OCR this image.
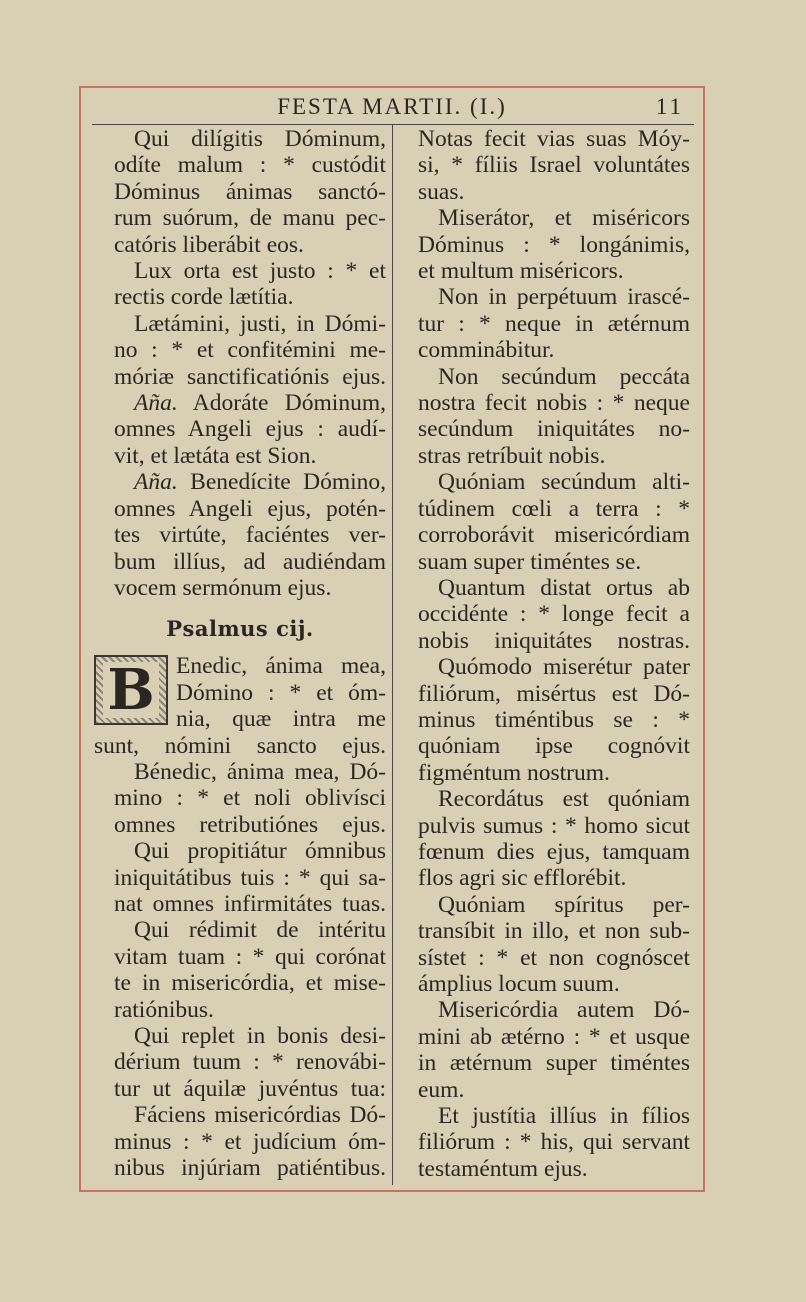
FESTA MARTII. (I.)	11
Qui dilígitis Dóminum,
odíte malum : * custódit
Dóminus ánimas sanctó-
rum suórum, de manu pec-
catóris liberábit eos.
Lux orta est justo : * et
rectis corde lætítia.
Lætámini, justi, in Dómi-
no : * et confitémini me-
móriæ sanctificatiónis ejus.
Aña. Adoráte Dóminum,
omnes Angeli ejus : audí-
vit, et lætáta est Sion.
Aña. Benedícite Dómino,
omnes Angeli ejus, potén-
tes virtúte, faciéntes ver-
bum illíus, ad audiéndam
vocem sermónum ejus.
Psalmus cij.
B Enedic, ánima mea,
Dómino : * et óm-
nia, quæ intra me
sunt, nómini sancto ejus.
Bénedic, ánima mea, Dó-
mino : * et noli oblivísci
omnes retributiónes ejus.
Qui propitiátur ómnibus
iniquitátibus tuis : * qui sa-
nat omnes infirmitátes tuas.
Qui rédimit de intéritu
vitam tuam : * qui corónat
te in misericórdia, et mise-
ratiónibus.
Qui replet in bonis desi-
dérium tuum : * renovábi-
tur ut áquilæ juvéntus tua:
Fáciens misericórdias Dó-
minus : * et judícium óm-
nibus injúriam patiéntibus.
Notas fecit vias suas Móy-
si, * fíliis Israel voluntátes
suas.
Miserátor, et miséricors
Dóminus : * longánimis,
et multum miséricors.
Non in perpétuum irascé-
tur : * neque in ætérnum
comminábitur.
Non secúndum peccáta
nostra fecit nobis : * neque
secúndum iniquitátes no-
stras retríbuit nobis.
Quóniam secúndum alti-
túdinem cœli a terra : *
corroborávit misericórdiam
suam super timéntes se.
Quantum distat ortus ab
occidénte : * longe fecit a
nobis iniquitátes nostras.
Quómodo miserétur pater
filiórum, misértus est Dó-
minus timéntibus se : *
quóniam ipse cognóvit
figméntum nostrum.
Recordátus est quóniam
pulvis sumus : * homo sicut
fœnum dies ejus, tamquam
flos agri sic efflorébit.
Quóniam spíritus per-
transíbit in illo, et non sub-
sístet : * et non cognóscet
ámplius locum suum.
Misericórdia autem Dó-
mini ab ætérno : * et usque
in ætérnum super timéntes
eum.
Et justítia illíus in fílios
filiórum : * his, qui servant
testaméntum ejus.
